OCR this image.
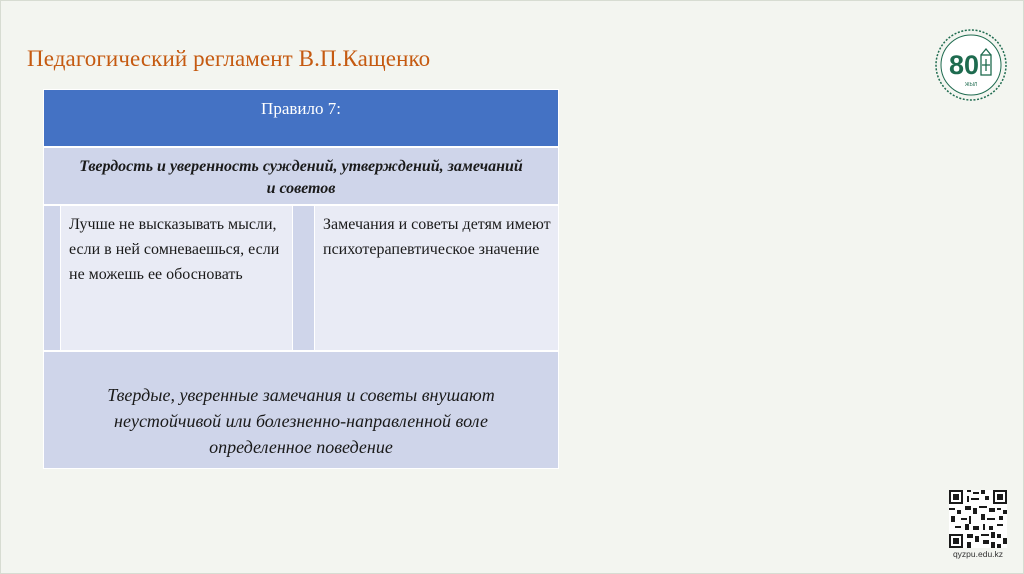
Педагогический регламент В.П.Кащенко
Правило 7:
Твердость и уверенность суждений, утверждений, замечаний и советов
Лучше не высказывать мысли, если в ней сомневаешься, если не можешь ее обосновать
Замечания и советы детям имеют психотерапевтическое значение
Твердые, уверенные замечания и советы внушают неустойчивой или болезненно-направленной воле определенное поведение
80
ЖЫЛ
qyzpu.edu.kz
